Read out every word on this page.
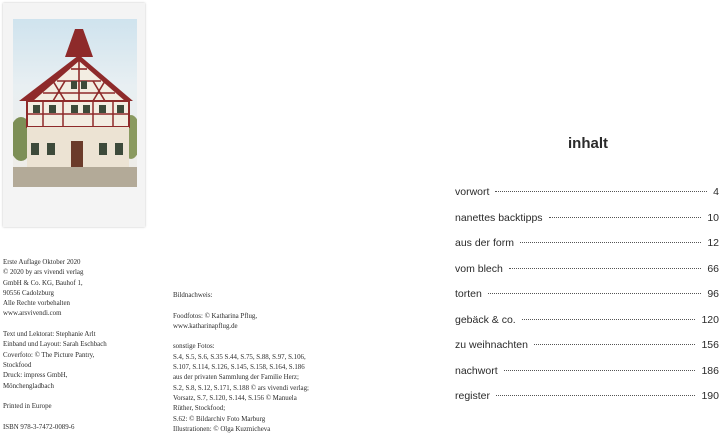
Erste Auflage Oktober 2020

© 2020 by ars vivendi verlag

GmbH & Co. KG, Bauhof 1,

90556 Cadolzburg

Alle Rechte vorbehalten

www.arsvivendi.com

Text und Lektorat: Stephanie Arlt

Einband und Layout: Sarah Eschbach

Coverfoto: © The Picture Pantry,

Stockfood

Druck: impress GmbH,

Mönchengladbach

Printed in Europe

ISBN 978-3-7472-0089-6

Bildnachweis:

Foodfotos: © Katharina Pflug,

www.katharinapflug.de

sonstige Fotos:

S.4, S.5, S.6, S.35 S.44, S.75, S.88, S.97, S.106,

S.107, S.114, S.126, S.145, S.158, S.164, S.186

aus der privaten Sammlung der Familie Herz;

S.2, S.8, S.12, S.171, S.188 © ars vivendi verlag;

Vorsatz, S.7, S.120, S.144, S.156 © Manuela

Rüther, Stockfood;

S.62: © Bildarchiv Foto Marburg

Illustrationen: © Olga Kuzmicheva

inhalt
vorwort	4
nanettes backtipps	10
aus der form	12
vom blech	66
torten	96
gebäck & co.	120
zu weihnachten	156
nachwort	186
register	190
